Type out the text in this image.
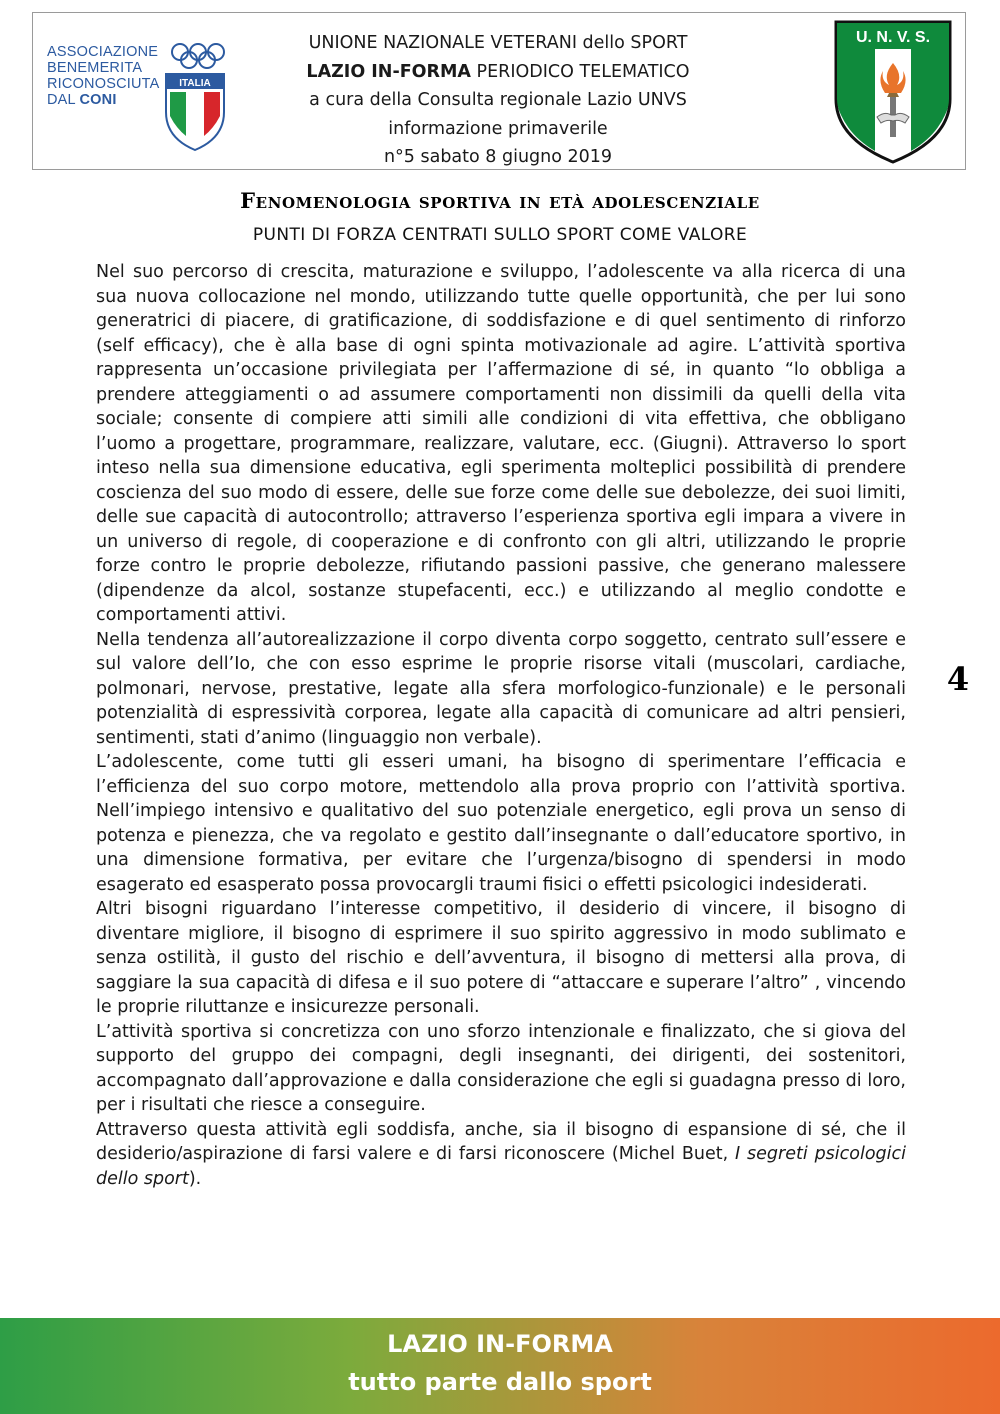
ASSOCIAZIONE
BENEMERITA
RICONOSCIUTA
DAL CONI
ITALIA
UNIONE NAZIONALE VETERANI dello SPORT
LAZIO IN-FORMA PERIODICO TELEMATICO
a cura della Consulta regionale Lazio UNVS
informazione primaverile
n°5 sabato 8 giugno 2019
U. N. V. S.
Fenomenologia sportiva in età adolescenziale
PUNTI DI FORZA CENTRATI SULLO SPORT COME VALORE

Nel suo percorso di crescita, maturazione e sviluppo, l’adolescente va alla ricerca di una sua nuova collocazione nel mondo, utilizzando tutte quelle opportunità, che per lui sono generatrici di piacere, di gratificazione, di soddisfazione e di quel sentimento di rinforzo (self efficacy), che è alla base di ogni spinta motivazionale ad agire. L’attività sportiva rappresenta un’occasione privilegiata per l’affermazione di sé, in quanto “lo obbliga a prendere atteggiamenti o ad assumere comportamenti non dissimili da quelli della vita sociale; consente di compiere atti simili alle condizioni di vita effettiva, che obbligano l’uomo a progettare, programmare, realizzare, valutare, ecc. (Giugni). Attraverso lo sport inteso nella sua dimensione educativa, egli sperimenta molteplici possibilità di prendere coscienza del suo modo di essere, delle sue forze come delle sue debolezze, dei suoi limiti, delle sue capacità di autocontrollo; attraverso l’esperienza sportiva egli impara a vivere in un universo di regole, di cooperazione e di confronto con gli altri, utilizzando le proprie forze contro le proprie debolezze, rifiutando passioni passive, che generano malessere (dipendenze da alcol, sostanze stupefacenti, ecc.) e utilizzando al meglio condotte e comportamenti attivi.

Nella tendenza all’autorealizzazione il corpo diventa corpo soggetto, centrato sull’essere e sul valore dell’Io, che con esso esprime le proprie risorse vitali (muscolari, cardiache, polmonari, nervose, prestative, legate alla sfera morfologico-funzionale) e le personali potenzialità di espressività corporea, legate alla capacità di comunicare ad altri pensieri, sentimenti, stati d’animo (linguaggio non verbale).

L’adolescente, come tutti gli esseri umani, ha bisogno di sperimentare l’efficacia e l’efficienza del suo corpo motore, mettendolo alla prova proprio con l’attività sportiva. Nell’impiego intensivo e qualitativo del suo potenziale energetico, egli prova un senso di potenza e pienezza, che va regolato e gestito dall’insegnante o dall’educatore sportivo, in una dimensione formativa, per evitare che l’urgenza/bisogno di spendersi in modo esagerato ed esasperato possa provocargli traumi fisici o effetti psicologici indesiderati.

Altri bisogni riguardano l’interesse competitivo, il desiderio di vincere, il bisogno di diventare migliore, il bisogno di esprimere il suo spirito aggressivo in modo sublimato e senza ostilità, il gusto del rischio e dell’avventura, il bisogno di mettersi alla prova, di saggiare la sua capacità di difesa e il suo potere di “attaccare e superare l’altro” , vincendo le proprie riluttanze e insicurezze personali.

L’attività sportiva si concretizza con uno sforzo intenzionale e finalizzato, che si giova del supporto del gruppo dei compagni, degli insegnanti, dei dirigenti, dei sostenitori, accompagnato dall’approvazione e dalla considerazione che egli si guadagna presso di loro, per i risultati che riesce a conseguire.

Attraverso questa attività egli soddisfa, anche, sia il bisogno di espansione di sé, che il desiderio/aspirazione di farsi valere e di farsi riconoscere (Michel Buet, I segreti psicologici dello sport).

4
LAZIO IN-FORMA
tutto parte dallo sport
